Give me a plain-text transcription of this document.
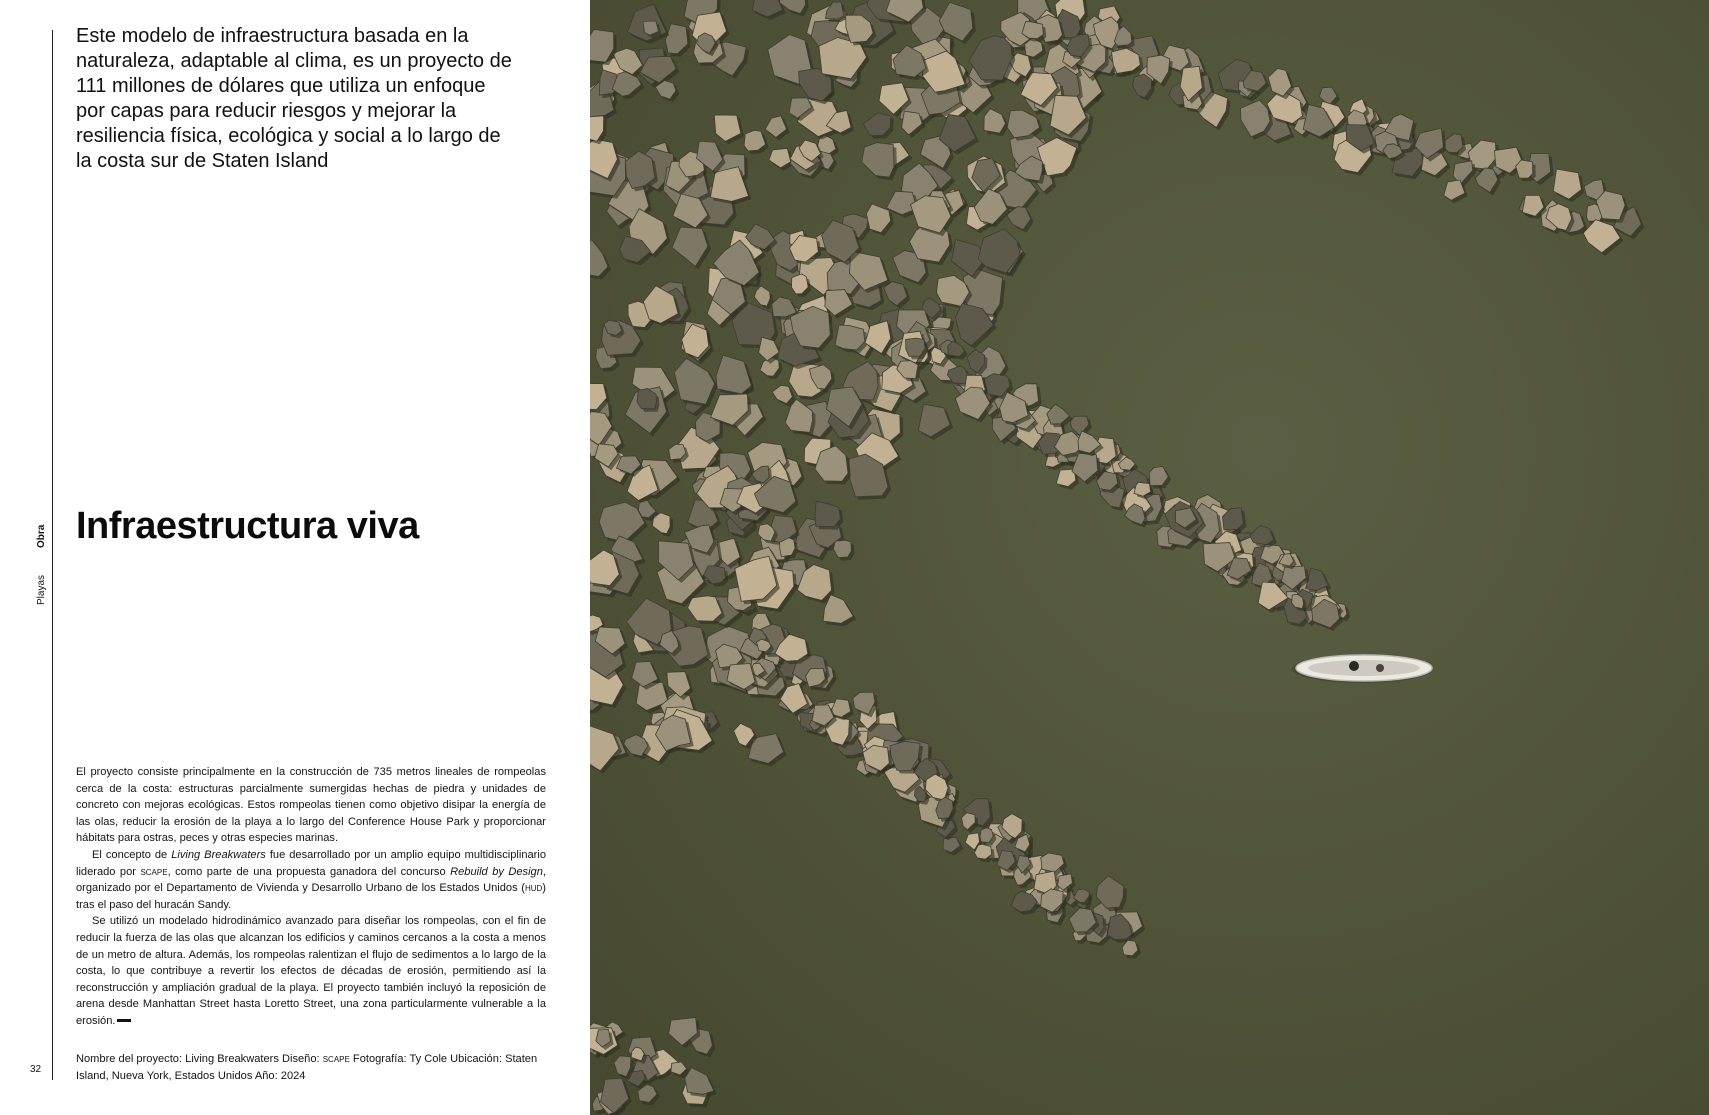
Obra
Playas
32

Este modelo de infraestructura basada en la naturaleza, adaptable al clima, es un proyecto de 111 millones de dólares que utiliza un enfoque por capas para reducir riesgos y mejorar la resiliencia física, ecológica y social a lo largo de la costa sur de Staten Island

Infraestructura viva

El proyecto consiste principalmente en la construcción de 735 metros lineales de rompeolas cerca de la costa: estructuras parcialmente sumergidas hechas de piedra y unidades de concreto con mejoras ecológicas. Estos rompeolas tienen como objetivo disipar la energía de las olas, reducir la erosión de la playa a lo largo del Conference House Park y proporcionar hábitats para ostras, peces y otras especies marinas.

El concepto de Living Breakwaters fue desarrollado por un amplio equipo multidisciplinario liderado por scape, como parte de una propuesta ganadora del concurso Rebuild by Design, organizado por el Departamento de Vivienda y Desarrollo Urbano de los Estados Unidos (hud) tras el paso del huracán Sandy.

Se utilizó un modelado hidrodinámico avanzado para diseñar los rompeolas, con el fin de reducir la fuerza de las olas que alcanzan los edificios y caminos cercanos a la costa a menos de un metro de altura. Además, los rompeolas ralentizan el flujo de sedimentos a lo largo de la costa, lo que contribuye a revertir los efectos de décadas de erosión, permitiendo así la reconstrucción y ampliación gradual de la playa. El proyecto también incluyó la reposición de arena desde Manhattan Street hasta Loretto Street, una zona particularmente vulnerable a la erosión.

Nombre del proyecto: Living Breakwaters Diseño: scape Fotografía: Ty Cole Ubicación: Staten Island, Nueva York, Estados Unidos Año: 2024
